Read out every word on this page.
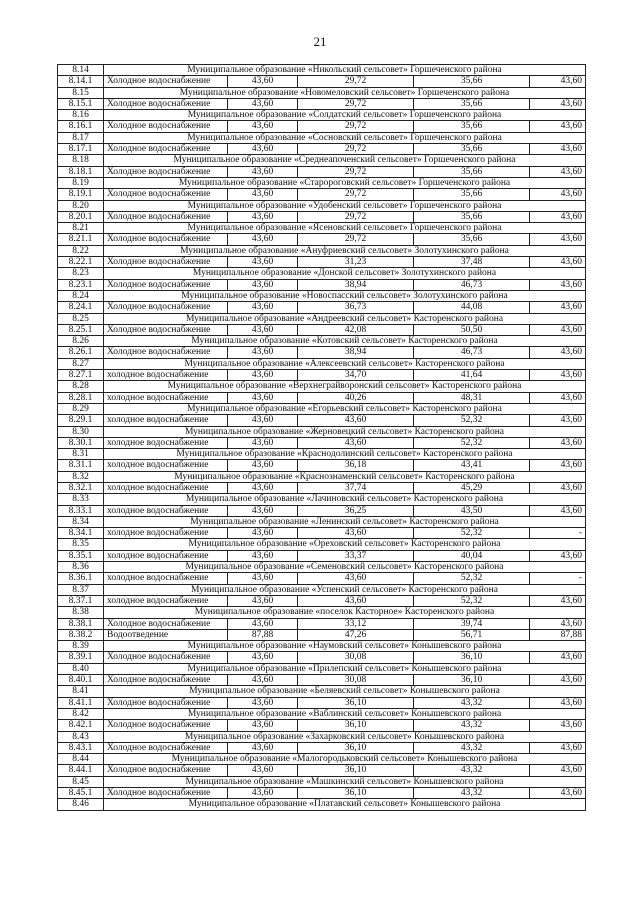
21
8.14	Муниципальное образование «Никольский сельсовет» Горшеченского района				
8.14.1	Холодное водоснабжение	43,60	29,72	35,66	43,60
8.15	Муниципальное образование «Новомеловский сельсовет» Горшеченского района				
8.15.1	Холодное водоснабжение	43,60	29,72	35,66	43,60
8.16	Муниципальное образование «Солдатский сельсовет» Горшеченского района				
8.16.1	Холодное водоснабжение	43,60	29,72	35,66	43,60
8.17	Муниципальное образование «Сосновский сельсовет» Горшеченского района				
8.17.1	Холодное водоснабжение	43,60	29,72	35,66	43,60
8.18	Муниципальное образование «Среднеапоченский сельсовет» Горшеченского района				
8.18.1	Холодное водоснабжение	43,60	29,72	35,66	43,60
8.19	Муниципальное образование «Старороговский сельсовет» Горшеченского района				
8.19.1	Холодное водоснабжение	43,60	29,72	35,66	43,60
8.20	Муниципальное образование «Удобенский сельсовет» Горшеченского района				
8.20.1	Холодное водоснабжение	43,60	29,72	35,66	43,60
8.21	Муниципальное образование «Ясеновский сельсовет» Горшеченского района				
8.21.1	Холодное водоснабжение	43,60	29,72	35,66	43,60
8.22	Муниципальное образование «Ануфриевский сельсовет» Золотухинского района				
8.22.1	Холодное водоснабжение	43,60	31,23	37,48	43,60
8.23	Муниципальное образование «Донской сельсовет» Золотухинского района				
8.23.1	Холодное водоснабжение	43,60	38,94	46,73	43,60
8.24	Муниципальное образование «Новоспасский сельсовет» Золотухинского района				
8.24.1	Холодное водоснабжение	43,60	36,73	44,08	43,60
8.25	Муниципальное образование «Андреевский сельсовет» Касторенского района				
8.25.1	Холодное водоснабжение	43,60	42,08	50,50	43,60
8.26	Муниципальное образование «Котовский сельсовет» Касторенского района				
8.26.1	Холодное водоснабжение	43,60	38,94	46,73	43,60
8.27	Муниципальное образование «Алексеевский сельсовет» Касторенского района				
8.27.1	холодное водоснабжение	43,60	34,70	41,64	43,60
8.28	Муниципальное образование «Верхнеграйворонский сельсовет» Касторенского района				
8.28.1	холодное водоснабжение	43,60	40,26	48,31	43,60
8.29	Муниципальное образование «Егорьевский сельсовет» Касторенского района				
8.29.1	холодное водоснабжение	43,60	43,60	52,32	43,60
8.30	Муниципальное образование «Жерновецкий сельсовет» Касторенского района				
8.30.1	холодное водоснабжение	43,60	43,60	52,32	43,60
8.31	Муниципальное образование «Краснодолинский сельсовет» Касторенского района				
8.31.1	холодное водоснабжение	43,60	36,18	43,41	43,60
8.32	Муниципальное образование «Краснознаменский сельсовет» Касторенского района				
8.32.1	холодное водоснабжение	43,60	37,74	45,29	43,60
8.33	Муниципальное образование «Лачиновский сельсовет» Касторенского района				
8.33.1	холодное водоснабжение	43,60	36,25	43,50	43,60
8.34	Муниципальное образование «Ленинский сельсовет» Касторенского района				
8.34.1	холодное водоснабжение	43,60	43,60	52,32	-
8.35	Муниципальное образование «Ореховский сельсовет» Касторенского района				
8.35.1	холодное водоснабжение	43,60	33,37	40,04	43,60
8.36	Муниципальное образование «Семеновский сельсовет» Касторенского района				
8.36.1	холодное водоснабжение	43,60	43,60	52,32	-
8.37	Муниципальное образование «Успенский сельсовет» Касторенского района				
8.37.1	холодное водоснабжение	43,60	43,60	52,32	43,60
8.38	Муниципальное образование «поселок Касторное» Касторенского района				
8.38.1	Холодное водоснабжение	43,60	33,12	39,74	43,60
8.38.2	Водоотведение	87,88	47,26	56,71	87,88
8.39	Муниципальное образование «Наумовский сельсовет» Конышевского района				
8.39.1	Холодное водоснабжение	43,60	30,08	36,10	43,60
8.40	Муниципальное образование «Прилепский сельсовет» Конышевского района				
8.40.1	Холодное водоснабжение	43,60	30,08	36,10	43,60
8.41	Муниципальное образование «Беляевский сельсовет» Конышевского района				
8.41.1	Холодное водоснабжение	43,60	36,10	43,32	43,60
8.42	Муниципальное образование «Ваблинский сельсовет» Конышевского района				
8.42.1	Холодное водоснабжение	43,60	36,10	43,32	43,60
8.43	Муниципальное образование «Захарковский сельсовет» Конышевского района				
8.43.1	Холодное водоснабжение	43,60	36,10	43,32	43,60
8.44	Муниципальное образование «Малогородьковский сельсовет» Конышевского района				
8.44.1	Холодное водоснабжение	43,60	36,10	43,32	43,60
8.45	Муниципальное образование «Машкинский сельсовет» Конышевского района				
8.45.1	Холодное водоснабжение	43,60	36,10	43,32	43,60
8.46	Муниципальное образование «Платавский сельсовет» Конышевского района				
